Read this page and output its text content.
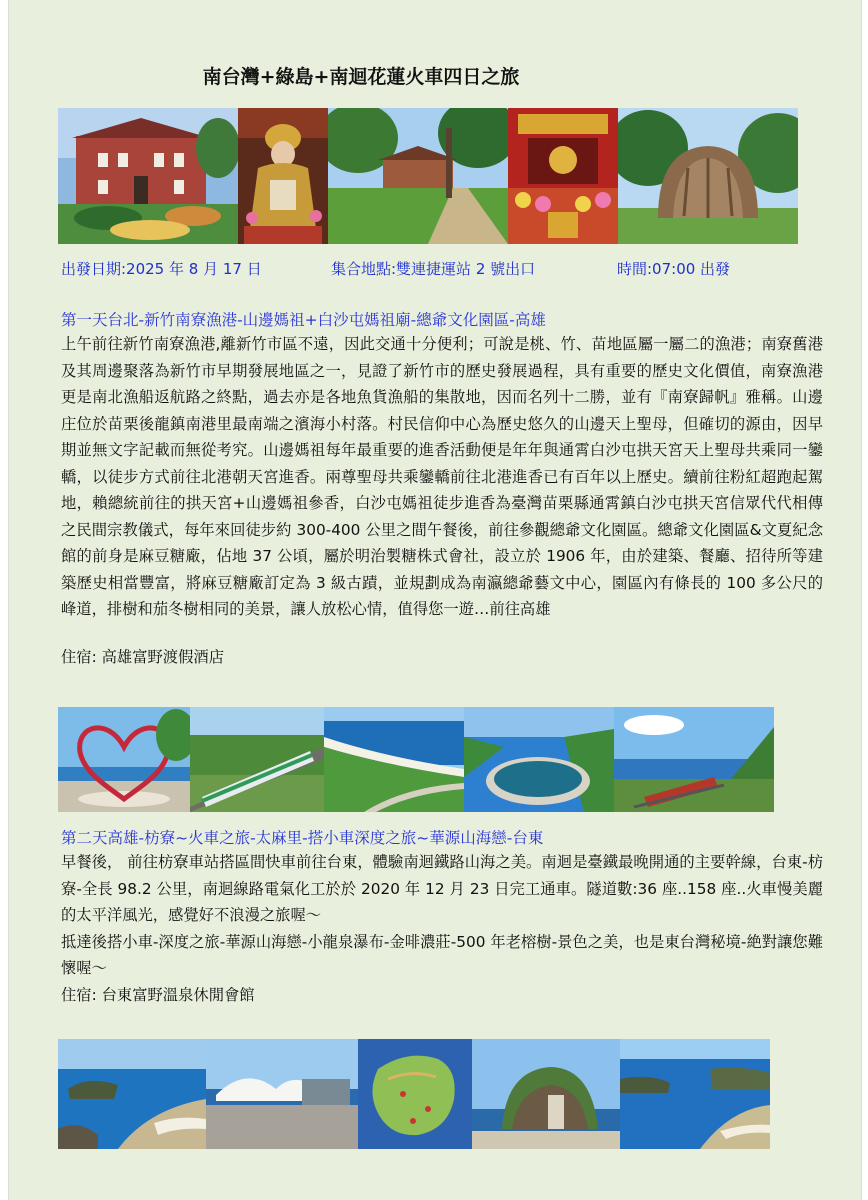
南台灣+綠島+南迴花蓮火車四日之旅
出發日期:2025 年 8 月 17 日	集合地點:雙連捷運站 2 號出口	時間:07:00 出發
第一天台北-新竹南寮漁港-山邊媽祖+白沙屯媽祖廟-總爺文化園區-高雄

上午前往新竹南寮漁港,離新竹市區不遠，因此交通十分便利；可說是桃、竹、苗地區屬一屬二的漁港；南寮舊港及其周邊聚落為新竹市早期發展地區之一，見證了新竹市的歷史發展過程，具有重要的歷史文化價值，南寮漁港更是南北漁船返航路之終點，過去亦是各地魚貨漁船的集散地，因而名列十二勝，並有『南寮歸帆』雅稱。山邊庄位於苗栗後龍鎮南港里最南端之濱海小村落。村民信仰中心為歷史悠久的山邊天上聖母，但確切的源由，因早期並無文字記載而無從考究。山邊媽祖每年最重要的進香活動便是年年與通霄白沙屯拱天宮天上聖母共乘同一鑾轎，以徒步方式前往北港朝天宮進香。兩尊聖母共乘鑾轎前往北港進香已有百年以上歷史。續前往粉紅超跑起駕地，賴總統前往的拱天宮+山邊媽祖參香，白沙屯媽祖徒步進香為臺灣苗栗縣通霄鎮白沙屯拱天宮信眾代代相傳之民間宗教儀式，每年來回徒步約 300-400 公里之間午餐後，前往參觀總爺文化園區。總爺文化園區&文夏紀念館的前身是麻豆糖廠，佔地 37 公頃，屬於明治製糖株式會社，設立於 1906 年，由於建築、餐廳、招待所等建築歷史相當豐富，將麻豆糖廠訂定為 3 級古蹟，並規劃成為南瀛總爺藝文中心，園區內有條長的 100 多公尺的峰道，排樹和茄冬樹相同的美景，讓人放松心情，值得您一遊…前往高雄

住宿: 高雄富野渡假酒店
第二天高雄-枋寮~火車之旅-太麻里-搭小車深度之旅~華源山海戀-台東

早餐後， 前往枋寮車站搭區間快車前往台東，體驗南迴鐵路山海之美。南迴是臺鐵最晚開通的主要幹線，台東-枋寮-全長 98.2 公里，南迴線路電氣化工於於 2020 年 12 月 23 日完工通車。隧道數:36 座..158 座..火車慢美麗的太平洋風光，感覺好不浪漫之旅喔～

抵達後搭小車-深度之旅-華源山海戀-小龍泉瀑布-金啡濃莊-500 年老榕樹-景色之美，也是東台灣秘境-絶對讓您難懷喔～

住宿: 台東富野溫泉休閒會館
